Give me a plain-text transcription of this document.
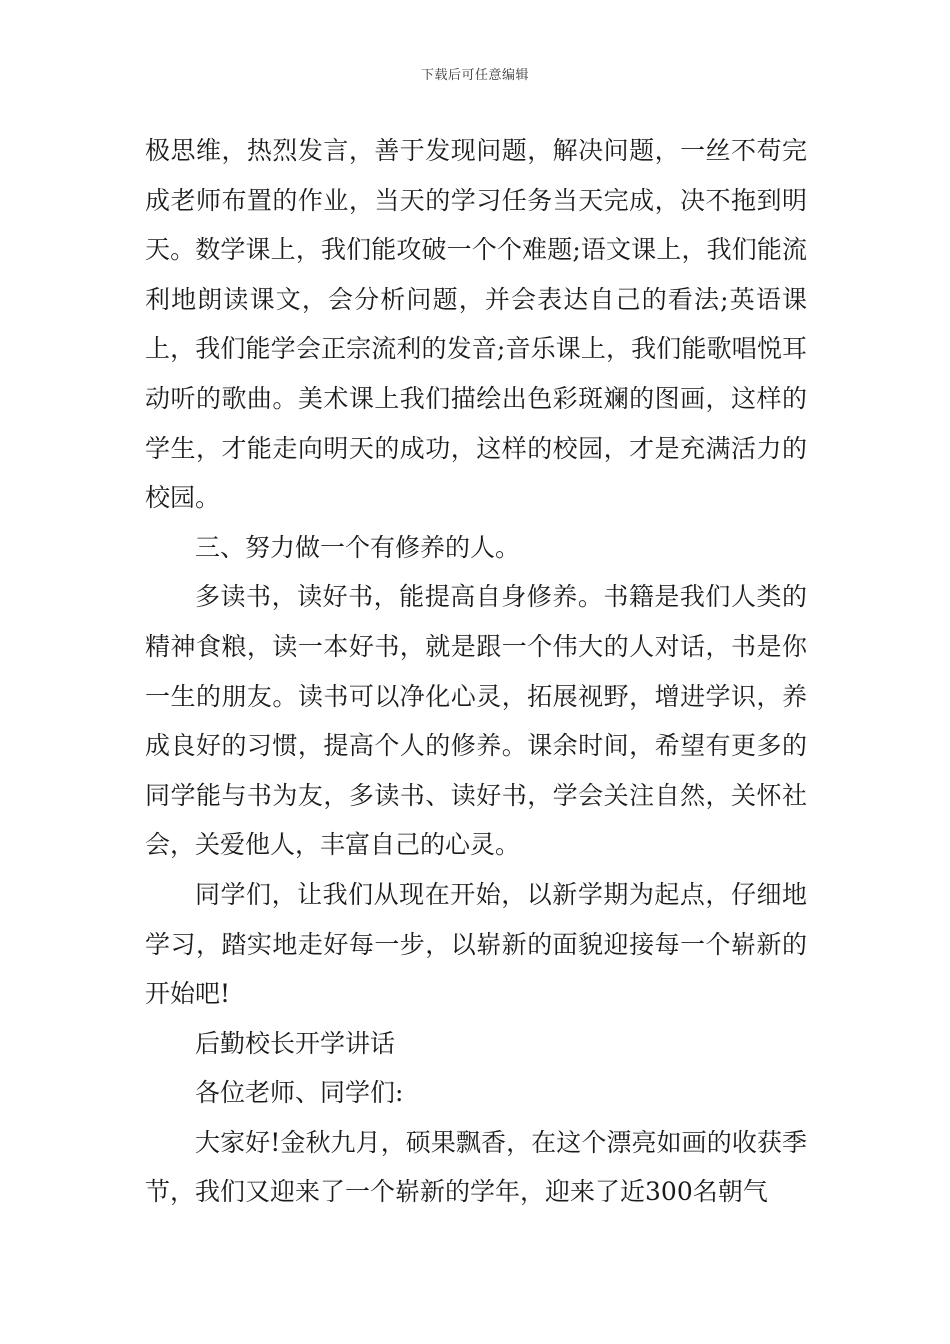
下载后可任意编辑

极思维，热烈发言，善于发现问题，解决问题，一丝不苟完成老师布置的作业，当天的学习任务当天完成，决不拖到明天。数学课上，我们能攻破一个个难题;语文课上，我们能流利地朗读课文，会分析问题，并会表达自己的看法;英语课上，我们能学会正宗流利的发音;音乐课上，我们能歌唱悦耳动听的歌曲。美术课上我们描绘出色彩斑斓的图画，这样的学生，才能走向明天的成功，这样的校园，才是充满活力的校园。

三、努力做一个有修养的人。

多读书，读好书，能提高自身修养。书籍是我们人类的精神食粮，读一本好书，就是跟一个伟大的人对话，书是你一生的朋友。读书可以净化心灵，拓展视野，增进学识，养成良好的习惯，提高个人的修养。课余时间，希望有更多的同学能与书为友，多读书、读好书，学会关注自然，关怀社会，关爱他人，丰富自己的心灵。

同学们，让我们从现在开始，以新学期为起点，仔细地学习，踏实地走好每一步，以崭新的面貌迎接每一个崭新的开始吧!

后勤校长开学讲话

各位老师、同学们:

大家好!金秋九月，硕果飘香，在这个漂亮如画的收获季节，我们又迎来了一个崭新的学年，迎来了近300名朝气
